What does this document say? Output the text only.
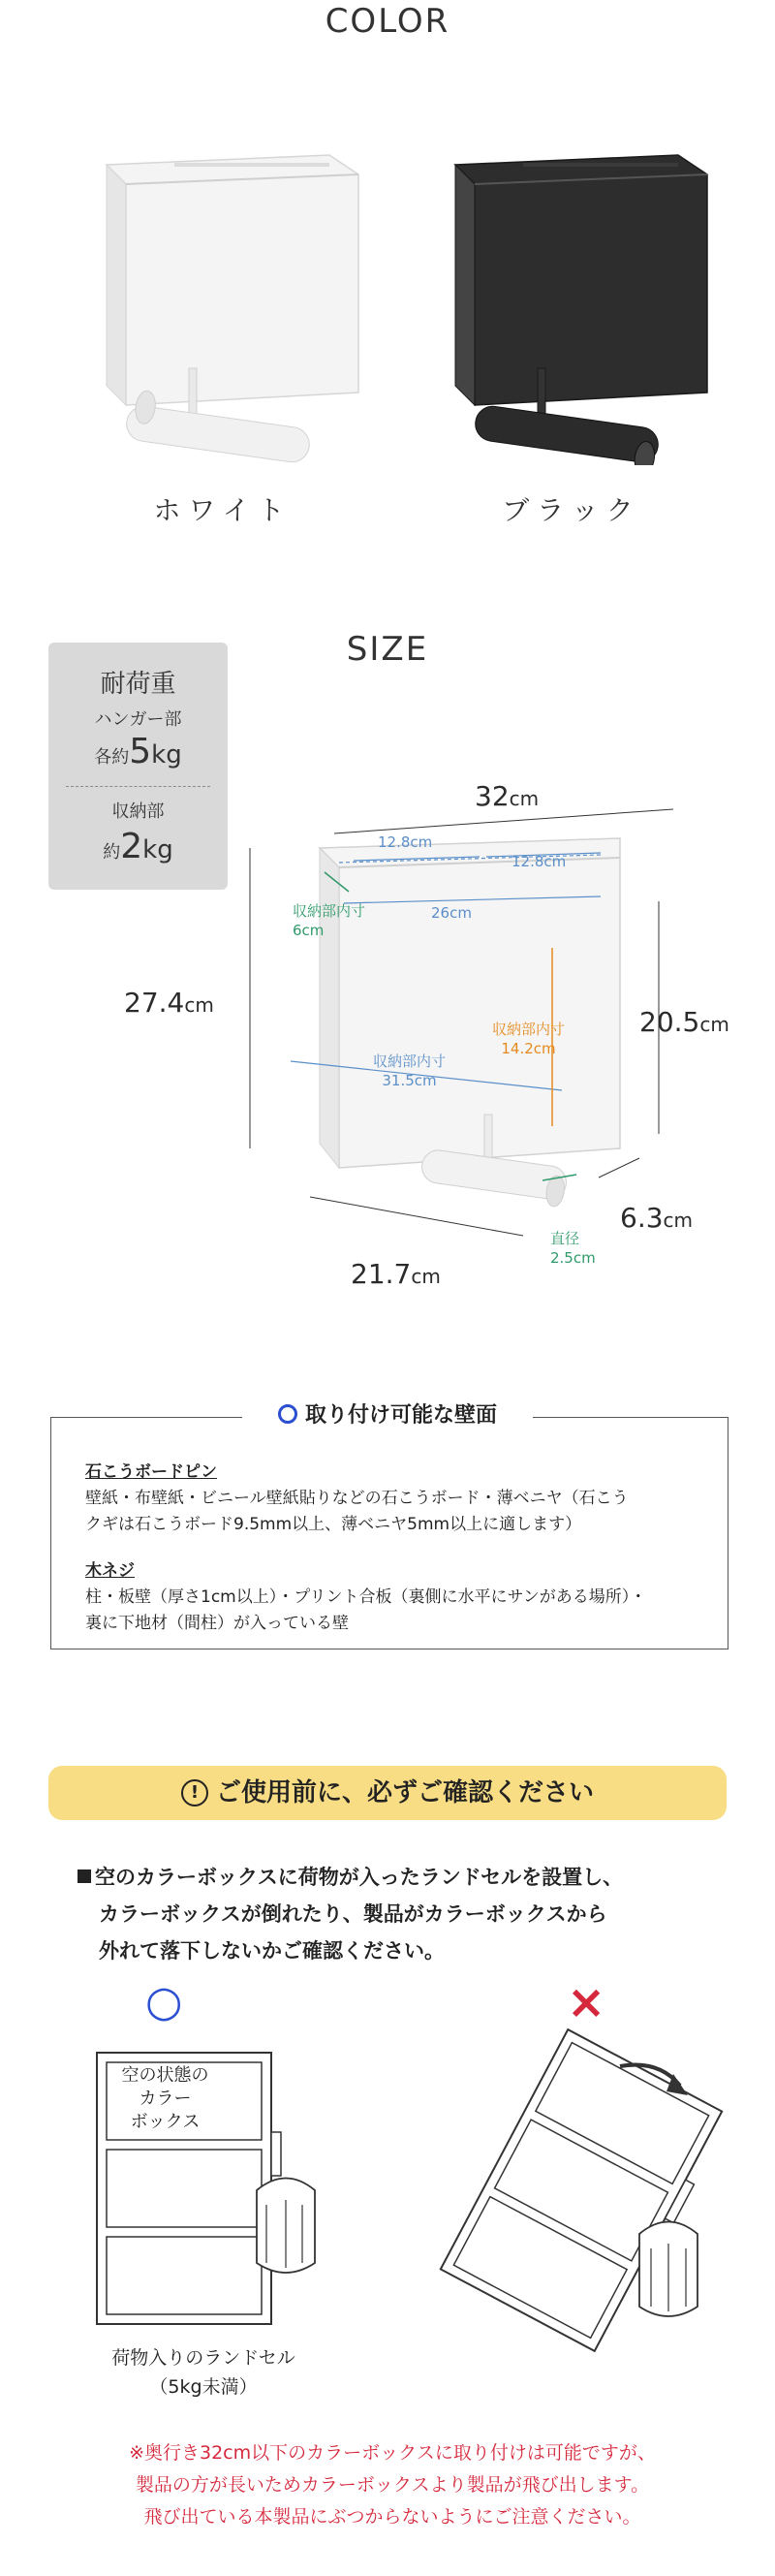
COLOR
ホワイト	ブラック
SIZE
耐荷重
ハンガー部
各約5kg
収納部
約2kg
32cm
27.4cm
20.5cm
6.3cm
21.7cm
12.8cm
12.8cm
26cm
収納部内寸
31.5cm
収納部内寸
6cm
収納部内寸
14.2cm
直径
2.5cm
取り付け可能な壁面
石こうボードピン
壁紙・布壁紙・ビニール壁紙貼りなどの石こうボード・薄ベニヤ（石こう
クギは石こうボード9.5mm以上、薄ベニヤ5mm以上に適します）
木ネジ
柱・板壁（厚さ1cm以上）・プリント合板（裏側に水平にサンがある場所）・
裏に下地材（間柱）が入っている壁
! ご使用前に、必ずご確認ください
空のカラーボックスに荷物が入ったランドセルを設置し、
カラーボックスが倒れたり、製品がカラーボックスから
外れて落下しないかご確認ください。
○	×
空の状態の
カラー
ボックス
荷物入りのランドセル
（5kg未満）
※奥行き32cm以下のカラーボックスに取り付けは可能ですが、
製品の方が長いためカラーボックスより製品が飛び出します。
飛び出ている本製品にぶつからないようにご注意ください。
